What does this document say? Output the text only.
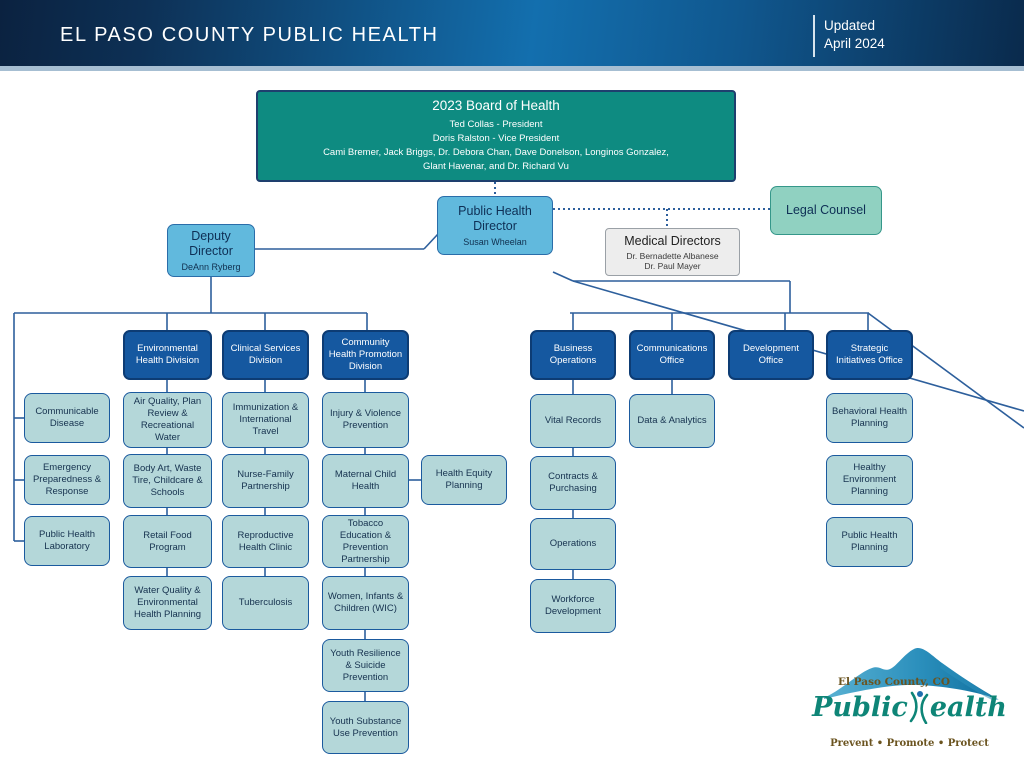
EL PASO COUNTY PUBLIC HEALTH	Updated
April 2024
2023 Board of Health
Ted Collas - President
Doris Ralston - Vice President
Cami Bremer, Jack Briggs, Dr. Debora Chan, Dave Donelson, Longinos Gonzalez,
Glant Havenar, and Dr. Richard Vu
Public Health Director
Susan Wheelan
Deputy Director
DeAnn Ryberg
Legal Counsel
Medical Directors
Dr. Bernadette Albanese
Dr. Paul Mayer
Environmental Health Division
Clinical Services Division
Community Health Promotion Division
Business Operations
Communications Office
Development Office
Strategic Initiatives Office
Communicable Disease
Emergency Preparedness & Response
Public Health Laboratory
Air Quality, Plan Review & Recreational Water
Body Art, Waste Tire, Childcare & Schools
Retail Food Program
Water Quality & Environmental Health Planning
Immunization & International Travel
Nurse-Family Partnership
Reproductive Health Clinic
Tuberculosis
Injury & Violence Prevention
Maternal Child Health
Tobacco Education & Prevention Partnership
Women, Infants & Children (WIC)
Youth Resilience & Suicide Prevention
Youth Substance Use Prevention
Health Equity Planning
Vital Records
Contracts & Purchasing
Operations
Workforce Development
Data & Analytics
Behavioral Health Planning
Healthy Environment Planning
Public Health Planning
El Paso County, CO
Public ealth
Prevent • Promote • Protect
